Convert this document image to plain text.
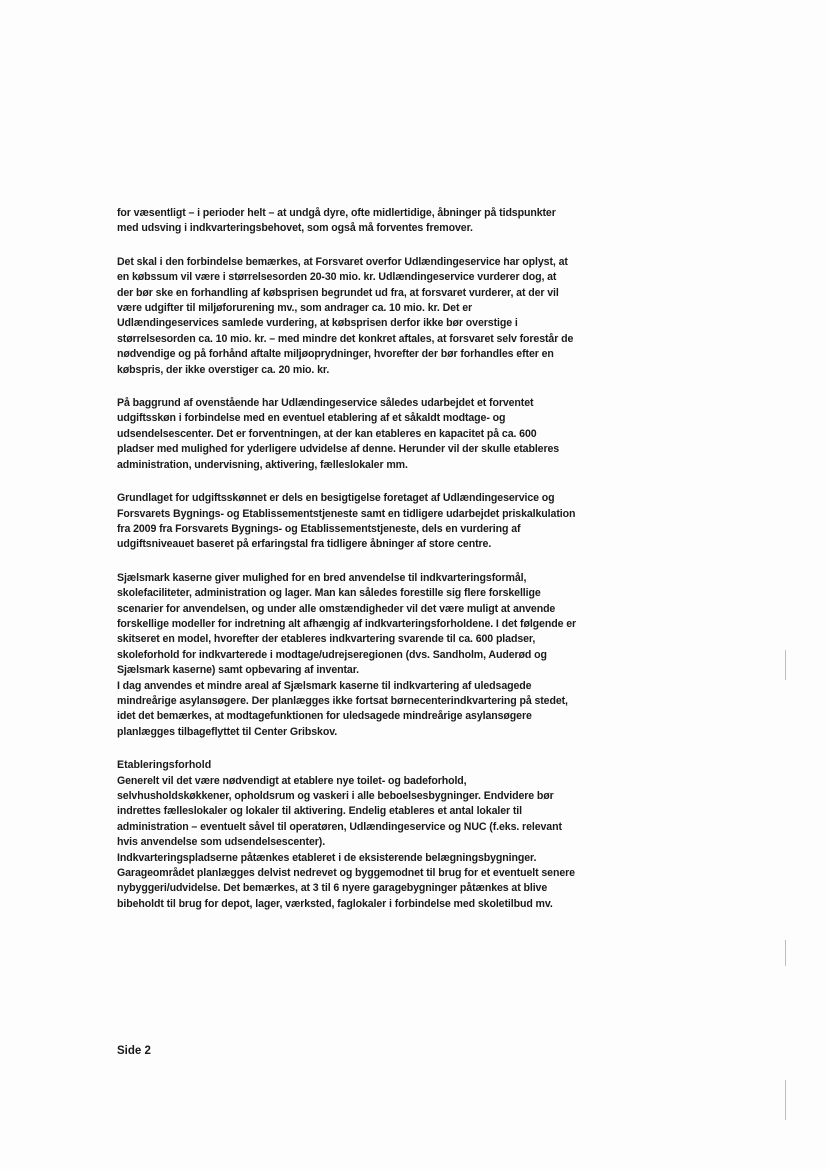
for væsentligt – i perioder helt – at undgå dyre, ofte midlertidige, åbninger på tidspunkter
med udsving i indkvarteringsbehovet, som også må forventes fremover.

Det skal i den forbindelse bemærkes, at Forsvaret overfor Udlændingeservice har oplyst, at
en købssum vil være i størrelsesorden 20-30 mio. kr. Udlændingeservice vurderer dog, at
der bør ske en forhandling af købsprisen begrundet ud fra, at forsvaret vurderer, at der vil
være udgifter til miljøforurening mv., som andrager ca. 10 mio. kr. Det er
Udlændingeservices samlede vurdering, at købsprisen derfor ikke bør overstige i
størrelsesorden ca. 10 mio. kr. – med mindre det konkret aftales, at forsvaret selv forestår de
nødvendige og på forhånd aftalte miljøoprydninger, hvorefter der bør forhandles efter en
købspris, der ikke overstiger ca. 20 mio. kr.

På baggrund af ovenstående har Udlændingeservice således udarbejdet et forventet
udgiftsskøn i forbindelse med en eventuel etablering af et såkaldt modtage- og
udsendelsescenter. Det er forventningen, at der kan etableres en kapacitet på ca. 600
pladser med mulighed for yderligere udvidelse af denne. Herunder vil der skulle etableres
administration, undervisning, aktivering, fælleslokaler mm.

Grundlaget for udgiftsskønnet er dels en besigtigelse foretaget af Udlændingeservice og
Forsvarets Bygnings- og Etablissementstjeneste samt en tidligere udarbejdet priskalkulation
fra 2009 fra Forsvarets Bygnings- og Etablissementstjeneste, dels en vurdering af
udgiftsniveauet baseret på erfaringstal fra tidligere åbninger af store centre.

Sjælsmark kaserne giver mulighed for en bred anvendelse til indkvarteringsformål,
skolefaciliteter, administration og lager. Man kan således forestille sig flere forskellige
scenarier for anvendelsen, og under alle omstændigheder vil det være muligt at anvende
forskellige modeller for indretning alt afhængig af indkvarteringsforholdene. I det følgende er
skitseret en model, hvorefter der etableres indkvartering svarende til ca. 600 pladser,
skoleforhold for indkvarterede i modtage/udrejseregionen (dvs. Sandholm, Auderød og
Sjælsmark kaserne) samt opbevaring af inventar.
I dag anvendes et mindre areal af Sjælsmark kaserne til indkvartering af uledsagede
mindreårige asylansøgere. Der planlægges ikke fortsat børnecenterindkvartering på stedet,
idet det bemærkes, at modtagefunktionen for uledsagede mindreårige asylansøgere
planlægges tilbageflyttet til Center Gribskov.

Etableringsforhold

Generelt vil det være nødvendigt at etablere nye toilet- og badeforhold,
selvhusholdskøkkener, opholdsrum og vaskeri i alle beboelsesbygninger. Endvidere bør
indrettes fælleslokaler og lokaler til aktivering. Endelig etableres et antal lokaler til
administration – eventuelt såvel til operatøren, Udlændingeservice og NUC (f.eks. relevant
hvis anvendelse som udsendelsescenter).
Indkvarteringspladserne påtænkes etableret i de eksisterende belægningsbygninger.
Garageområdet planlægges delvist nedrevet og byggemodnet til brug for et eventuelt senere
nybyggeri/udvidelse. Det bemærkes, at 3 til 6 nyere garagebygninger påtænkes at blive
bibeholdt til brug for depot, lager, værksted, faglokaler i forbindelse med skoletilbud mv.

Side 2
